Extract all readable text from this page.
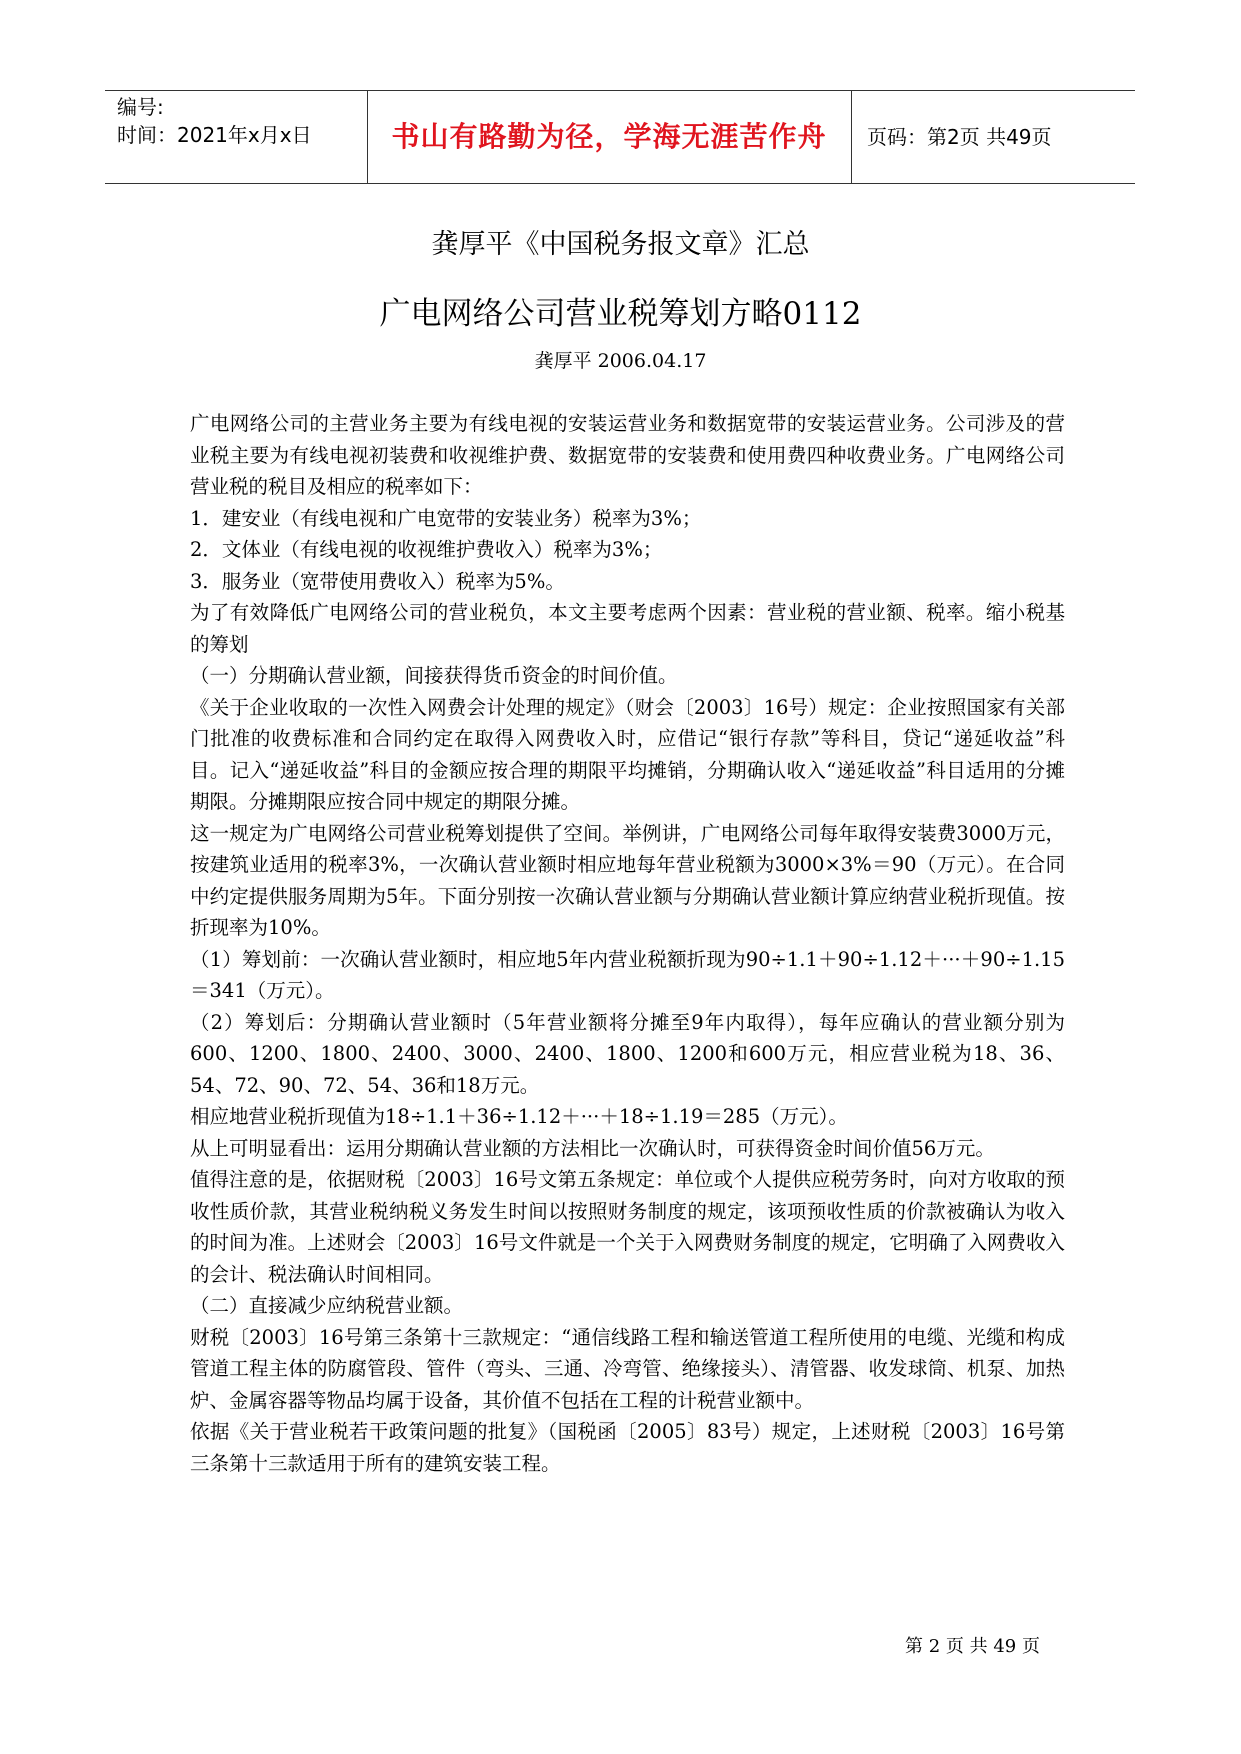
编号:
时间：2021年x月x日	书山有路勤为径，学海无涯苦作舟	页码：第2页 共49页
龚厚平《中国税务报文章》汇总
广电网络公司营业税筹划方略0112
龚厚平 2006.04.17

广电网络公司的主营业务主要为有线电视的安装运营业务和数据宽带的安装运营业务。公司涉及的营业税主要为有线电视初装费和收视维护费、数据宽带的安装费和使用费四种收费业务。广电网络公司营业税的税目及相应的税率如下：

1．建安业（有线电视和广电宽带的安装业务）税率为3%；

2．文体业（有线电视的收视维护费收入）税率为3%；

3．服务业（宽带使用费收入）税率为5%。

为了有效降低广电网络公司的营业税负，本文主要考虑两个因素：营业税的营业额、税率。缩小税基的筹划

（一）分期确认营业额，间接获得货币资金的时间价值。

《关于企业收取的一次性入网费会计处理的规定》（财会〔2003〕16号）规定：企业按照国家有关部门批准的收费标准和合同约定在取得入网费收入时，应借记“银行存款”等科目，贷记“递延收益”科目。记入“递延收益”科目的金额应按合理的期限平均摊销，分期确认收入“递延收益”科目适用的分摊期限。分摊期限应按合同中规定的期限分摊。

这一规定为广电网络公司营业税筹划提供了空间。举例讲，广电网络公司每年取得安装费3000万元，按建筑业适用的税率3%，一次确认营业额时相应地每年营业税额为3000×3%＝90（万元）。在合同中约定提供服务周期为5年。下面分别按一次确认营业额与分期确认营业额计算应纳营业税折现值。按折现率为10%。

（1）筹划前：一次确认营业额时，相应地5年内营业税额折现为90÷1.1＋90÷1.12＋···＋90÷1.15＝341（万元）。

（2）筹划后：分期确认营业额时（5年营业额将分摊至9年内取得），每年应确认的营业额分别为600、1200、1800、2400、3000、2400、1800、1200和600万元，相应营业税为18、36、54、72、90、72、54、36和18万元。

相应地营业税折现值为18÷1.1＋36÷1.12＋···＋18÷1.19＝285（万元）。

从上可明显看出：运用分期确认营业额的方法相比一次确认时，可获得资金时间价值56万元。

值得注意的是，依据财税〔2003〕16号文第五条规定：单位或个人提供应税劳务时，向对方收取的预收性质价款，其营业税纳税义务发生时间以按照财务制度的规定，该项预收性质的价款被确认为收入的时间为准。上述财会〔2003〕16号文件就是一个关于入网费财务制度的规定，它明确了入网费收入的会计、税法确认时间相同。

（二）直接减少应纳税营业额。

财税〔2003〕16号第三条第十三款规定：“通信线路工程和输送管道工程所使用的电缆、光缆和构成管道工程主体的防腐管段、管件（弯头、三通、冷弯管、绝缘接头）、清管器、收发球筒、机泵、加热炉、金属容器等物品均属于设备，其价值不包括在工程的计税营业额中。

依据《关于营业税若干政策问题的批复》（国税函〔2005〕83号）规定，上述财税〔2003〕16号第三条第十三款适用于所有的建筑安装工程。

第 2 页 共 49 页
